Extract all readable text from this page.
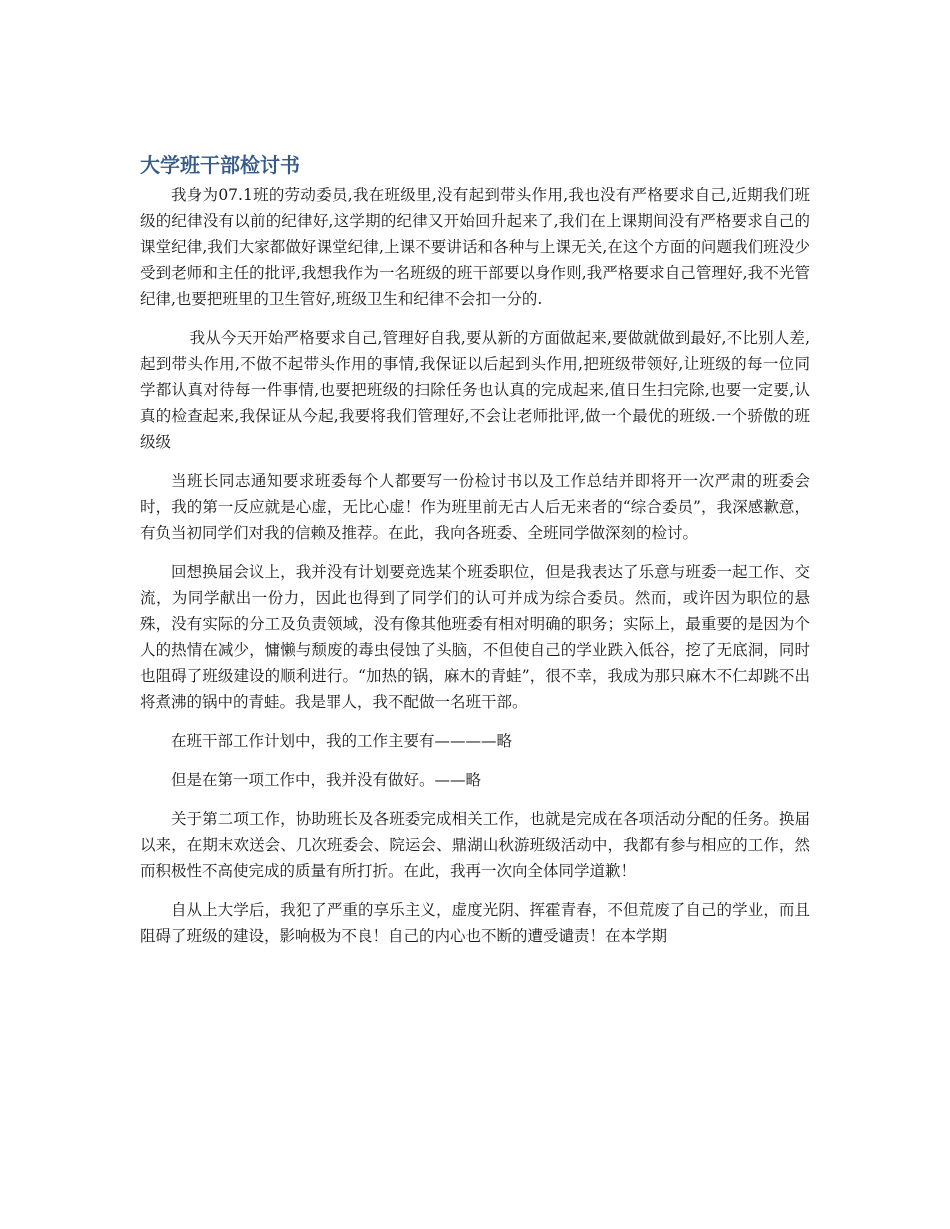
大学班干部检讨书

我身为07.1班的劳动委员,我在班级里,没有起到带头作用,我也没有严格要求自己,近期我们班级的纪律没有以前的纪律好,这学期的纪律又开始回升起来了,我们在上课期间没有严格要求自己的课堂纪律,我们大家都做好课堂纪律,上课不要讲话和各种与上课无关,在这个方面的问题我们班没少受到老师和主任的批评,我想我作为一名班级的班干部要以身作则,我严格要求自己管理好,我不光管纪律,也要把班里的卫生管好,班级卫生和纪律不会扣一分的.

我从今天开始严格要求自己,管理好自我,要从新的方面做起来,要做就做到最好,不比别人差,起到带头作用,不做不起带头作用的事情,我保证以后起到头作用,把班级带领好,让班级的每一位同学都认真对待每一件事情,也要把班级的扫除任务也认真的完成起来,值日生扫完除,也要一定要,认真的检查起来,我保证从今起,我要将我们管理好,不会让老师批评,做一个最优的班级.一个骄傲的班级级

当班长同志通知要求班委每个人都要写一份检讨书以及工作总结并即将开一次严肃的班委会时，我的第一反应就是心虚，无比心虚！作为班里前无古人后无来者的“综合委员”，我深感歉意，有负当初同学们对我的信赖及推荐。在此，我向各班委、全班同学做深刻的检讨。

回想换届会议上，我并没有计划要竞选某个班委职位，但是我表达了乐意与班委一起工作、交流，为同学献出一份力，因此也得到了同学们的认可并成为综合委员。然而，或许因为职位的悬殊，没有实际的分工及负责领域，没有像其他班委有相对明确的职务；实际上，最重要的是因为个人的热情在减少，慵懒与颓废的毒虫侵蚀了头脑，不但使自己的学业跌入低谷，挖了无底洞，同时也阻碍了班级建设的顺利进行。“加热的锅，麻木的青蛙”，很不幸，我成为那只麻木不仁却跳不出将煮沸的锅中的青蛙。我是罪人，我不配做一名班干部。

在班干部工作计划中，我的工作主要有————略

但是在第一项工作中，我并没有做好。——略

关于第二项工作，协助班长及各班委完成相关工作，也就是完成在各项活动分配的任务。换届以来，在期末欢送会、几次班委会、院运会、鼎湖山秋游班级活动中，我都有参与相应的工作，然而积极性不高使完成的质量有所打折。在此，我再一次向全体同学道歉！

自从上大学后，我犯了严重的享乐主义，虚度光阴、挥霍青春，不但荒废了自己的学业，而且阻碍了班级的建设，影响极为不良！自己的内心也不断的遭受谴责！在本学期
